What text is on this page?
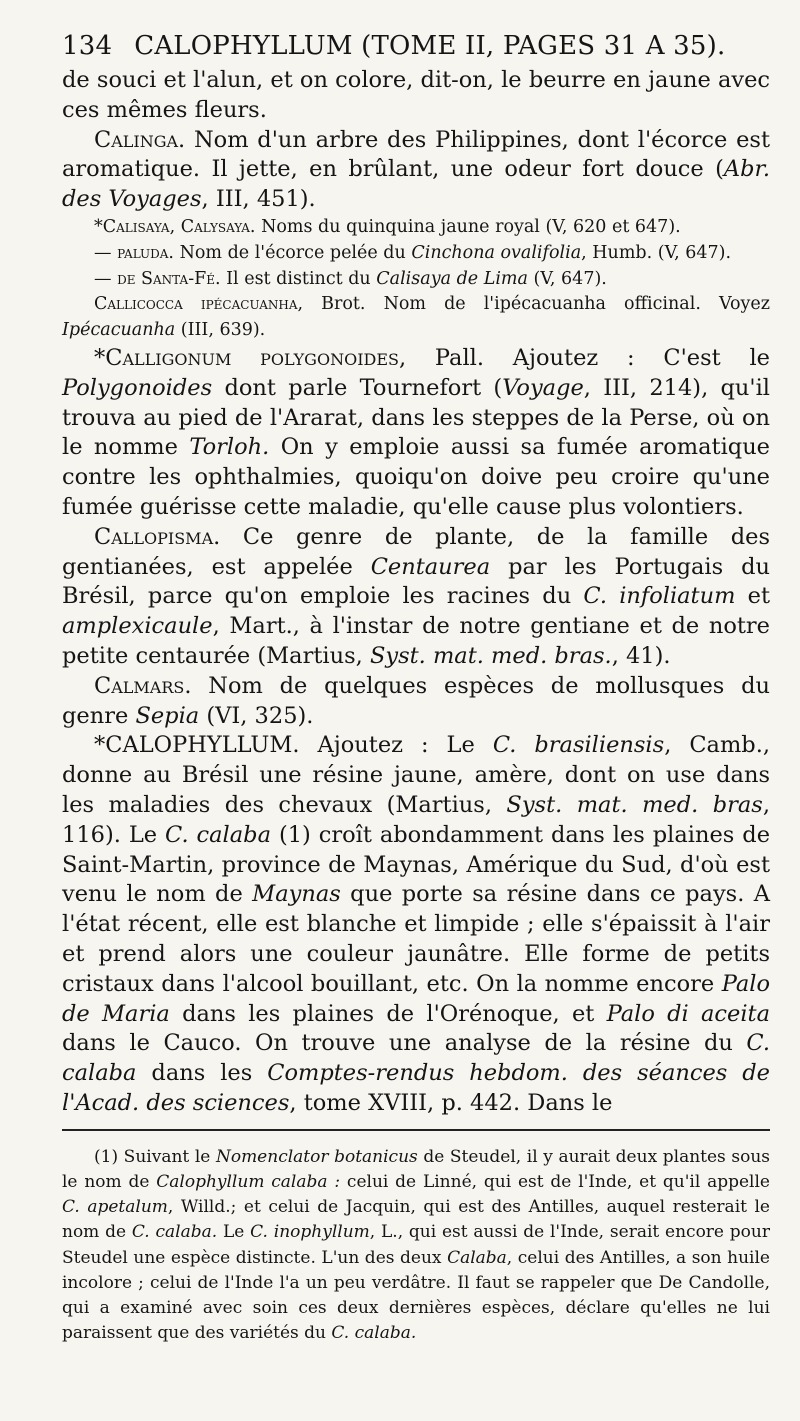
134 CALOPHYLLUM (TOME II, PAGES 31 A 35).

de souci et l'alun, et on colore, dit-on, le beurre en jaune avec ces mêmes fleurs.

Calinga. Nom d'un arbre des Philippines, dont l'écorce est aromatique. Il jette, en brûlant, une odeur fort douce (Abr. des Voyages, III, 451).

*Calisaya, Calysaya. Noms du quinquina jaune royal (V, 620 et 647).

— paluda. Nom de l'écorce pelée du Cinchona ovalifolia, Humb. (V, 647).

— de Santa-Fé. Il est distinct du Calisaya de Lima (V, 647).

Callicocca ipécacuanha, Brot. Nom de l'ipécacuanha officinal. Voyez Ipécacuanha (III, 639).

*Calligonum polygonoides, Pall. Ajoutez : C'est le Polygonoides dont parle Tournefort (Voyage, III, 214), qu'il trouva au pied de l'Ararat, dans les steppes de la Perse, où on le nomme Torloh. On y emploie aussi sa fumée aromatique contre les ophthalmies, quoiqu'on doive peu croire qu'une fumée guérisse cette maladie, qu'elle cause plus volontiers.

Callopisma. Ce genre de plante, de la famille des gentianées, est appelée Centaurea par les Portugais du Brésil, parce qu'on emploie les racines du C. infoliatum et amplexicaule, Mart., à l'instar de notre gentiane et de notre petite centaurée (Martius, Syst. mat. med. bras., 41).

Calmars. Nom de quelques espèces de mollusques du genre Sepia (VI, 325).

*CALOPHYLLUM. Ajoutez : Le C. brasiliensis, Camb., donne au Brésil une résine jaune, amère, dont on use dans les maladies des chevaux (Martius, Syst. mat. med. bras, 116). Le C. calaba (1) croît abondamment dans les plaines de Saint-Martin, province de Maynas, Amérique du Sud, d'où est venu le nom de Maynas que porte sa résine dans ce pays. A l'état récent, elle est blanche et limpide ; elle s'épaissit à l'air et prend alors une couleur jaunâtre. Elle forme de petits cristaux dans l'alcool bouillant, etc. On la nomme encore Palo de Maria dans les plaines de l'Orénoque, et Palo di aceita dans le Cauco. On trouve une analyse de la résine du C. calaba dans les Comptes-rendus hebdom. des séances de l'Acad. des sciences, tome XVIII, p. 442. Dans le

(1) Suivant le Nomenclator botanicus de Steudel, il y aurait deux plantes sous le nom de Calophyllum calaba : celui de Linné, qui est de l'Inde, et qu'il appelle C. apetalum, Willd.; et celui de Jacquin, qui est des Antilles, auquel resterait le nom de C. calaba. Le C. inophyllum, L., qui est aussi de l'Inde, serait encore pour Steudel une espèce distincte. L'un des deux Calaba, celui des Antilles, a son huile incolore ; celui de l'Inde l'a un peu verdâtre. Il faut se rappeler que De Candolle, qui a examiné avec soin ces deux dernières espèces, déclare qu'elles ne lui paraissent que des variétés du C. calaba.
